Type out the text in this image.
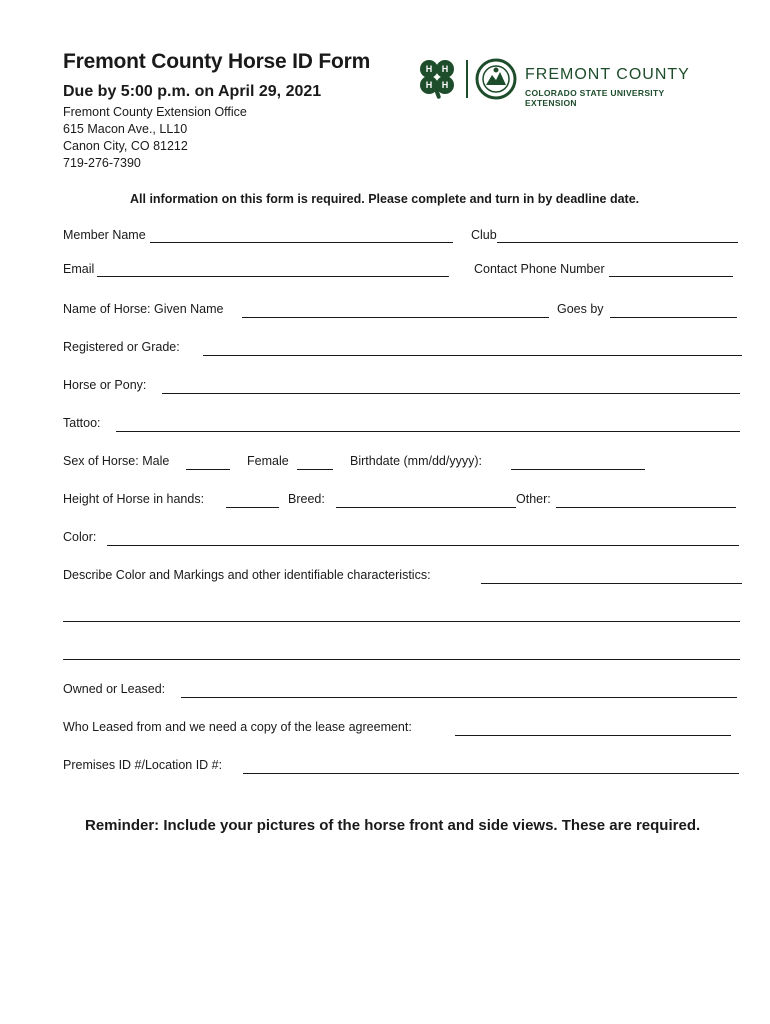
Fremont County Horse ID Form
Due by 5:00 p.m. on April 29, 2021
Fremont County Extension Office
615 Macon Ave., LL10
Canon City, CO 81212
719-276-7390
H H
H H
FREMONT COUNTY
COLORADO STATE UNIVERSITY
EXTENSION
All information on this form is required. Please complete and turn in by deadline date.
Member Name	Club
Email	Contact Phone Number
Name of Horse: Given Name	Goes by
Registered or Grade:
Horse or Pony:
Tattoo:
Sex of Horse: Male	Female	Birthdate (mm/dd/yyyy):
Height of Horse in hands:	Breed:	Other:
Color:
Describe Color and Markings and other identifiable characteristics:
Owned or Leased:
Who Leased from and we need a copy of the lease agreement:
Premises ID #/Location ID #:
Reminder: Include your pictures of the horse front and side views. These are required.
